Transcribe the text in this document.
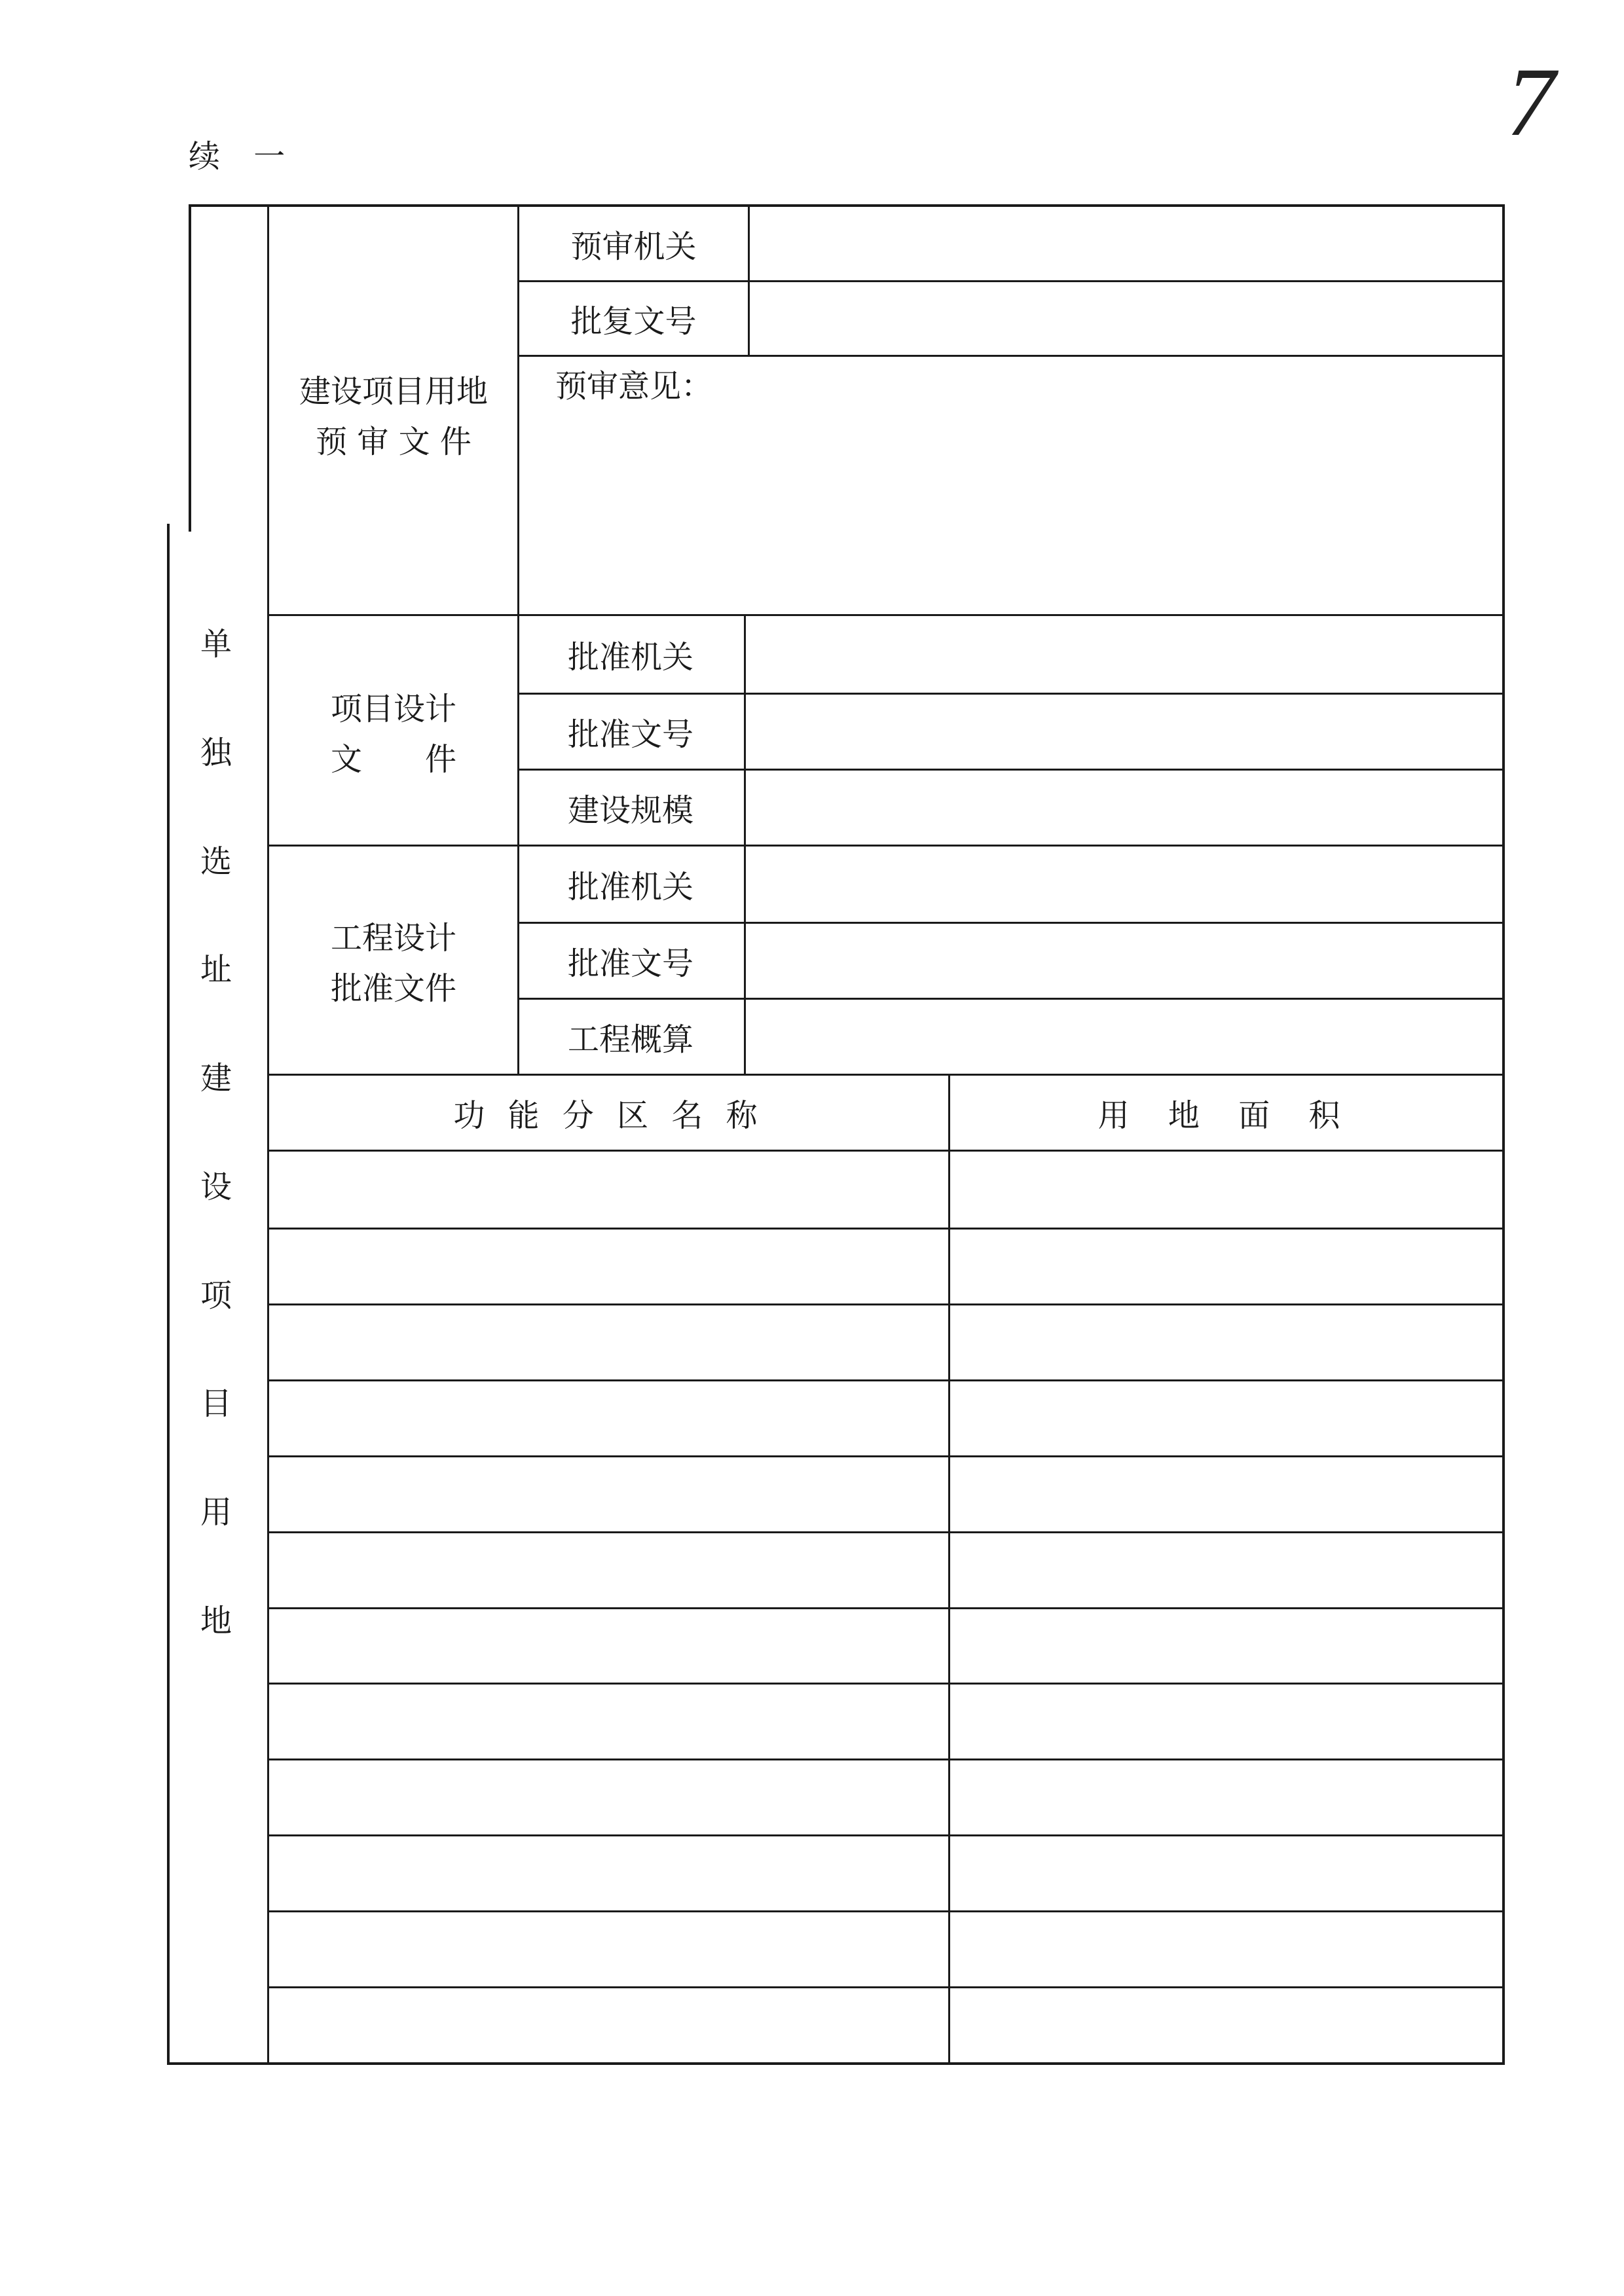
7
续 一
单
独
选
址
建
设
项
目
用
地
建设项目用地
预 审 文 件
预审机关
批复文号
预审意见：
项目设计
文　　件
批准机关
批准文号
建设规模
工程设计
批准文件
批准机关
批准文号
工程概算
功 能 分 区 名 称	用 地 面 积
